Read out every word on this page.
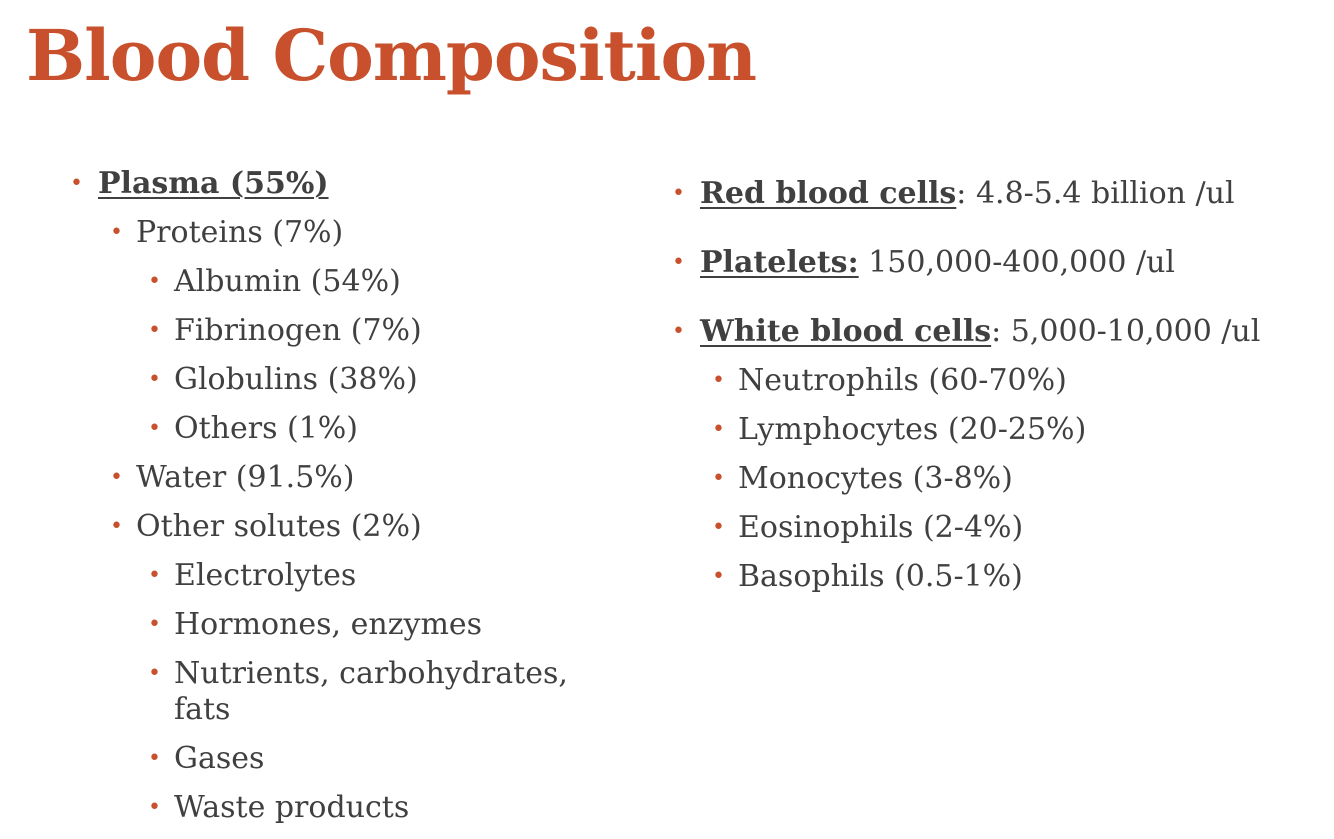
Blood Composition
• Plasma (55%)
• Proteins (7%)
• Albumin (54%)
• Fibrinogen (7%)
• Globulins (38%)
• Others (1%)
• Water (91.5%)
• Other solutes (2%)
• Electrolytes
• Hormones, enzymes
• Nutrients, carbohydrates, fats
• Gases
• Waste products
• Red blood cells: 4.8-5.4 billion /ul
• Platelets: 150,000-400,000 /ul
• White blood cells: 5,000-10,000 /ul
• Neutrophils (60-70%)
• Lymphocytes (20-25%)
• Monocytes (3-8%)
• Eosinophils (2-4%)
• Basophils (0.5-1%)
